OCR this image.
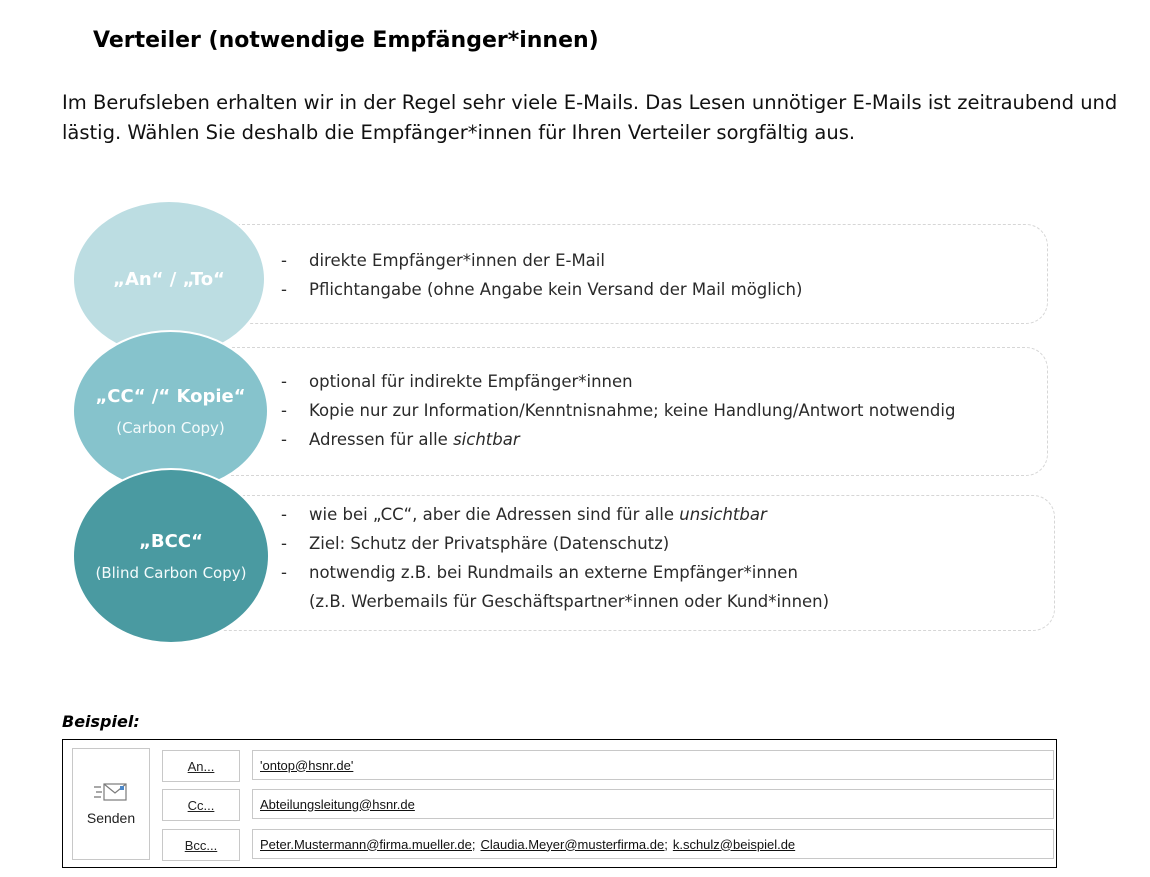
Verteiler (notwendige Empfänger*innen)

Im Berufsleben erhalten wir in der Regel sehr viele E-Mails. Das Lesen unnötiger E-Mails ist zeitraubend und lästig. Wählen Sie deshalb die Empfänger*innen für Ihren Verteiler sorgfältig aus.

„An“ / „To“
„CC“ /“ Kopie“
(Carbon Copy)
„BCC“
(Blind Carbon Copy)
- direkte Empfänger*innen der E-Mail
- Pflichtangabe (ohne Angabe kein Versand der Mail möglich)
- optional für indirekte Empfänger*innen
- Kopie nur zur Information/Kenntnisnahme; keine Handlung/Antwort notwendig
- Adressen für alle sichtbar
- wie bei „CC“, aber die Adressen sind für alle unsichtbar
- Ziel: Schutz der Privatsphäre (Datenschutz)
- notwendig z.B. bei Rundmails an externe Empfänger*innen
(z.B. Werbemails für Geschäftspartner*innen oder Kund*innen)
Beispiel:
Senden
An...
Cc...
Bcc...
'ontop@hsnr.de'
Abteilungsleitung@hsnr.de
Peter.Mustermann@firma.mueller.de; Claudia.Meyer@musterfirma.de; k.schulz@beispiel.de
